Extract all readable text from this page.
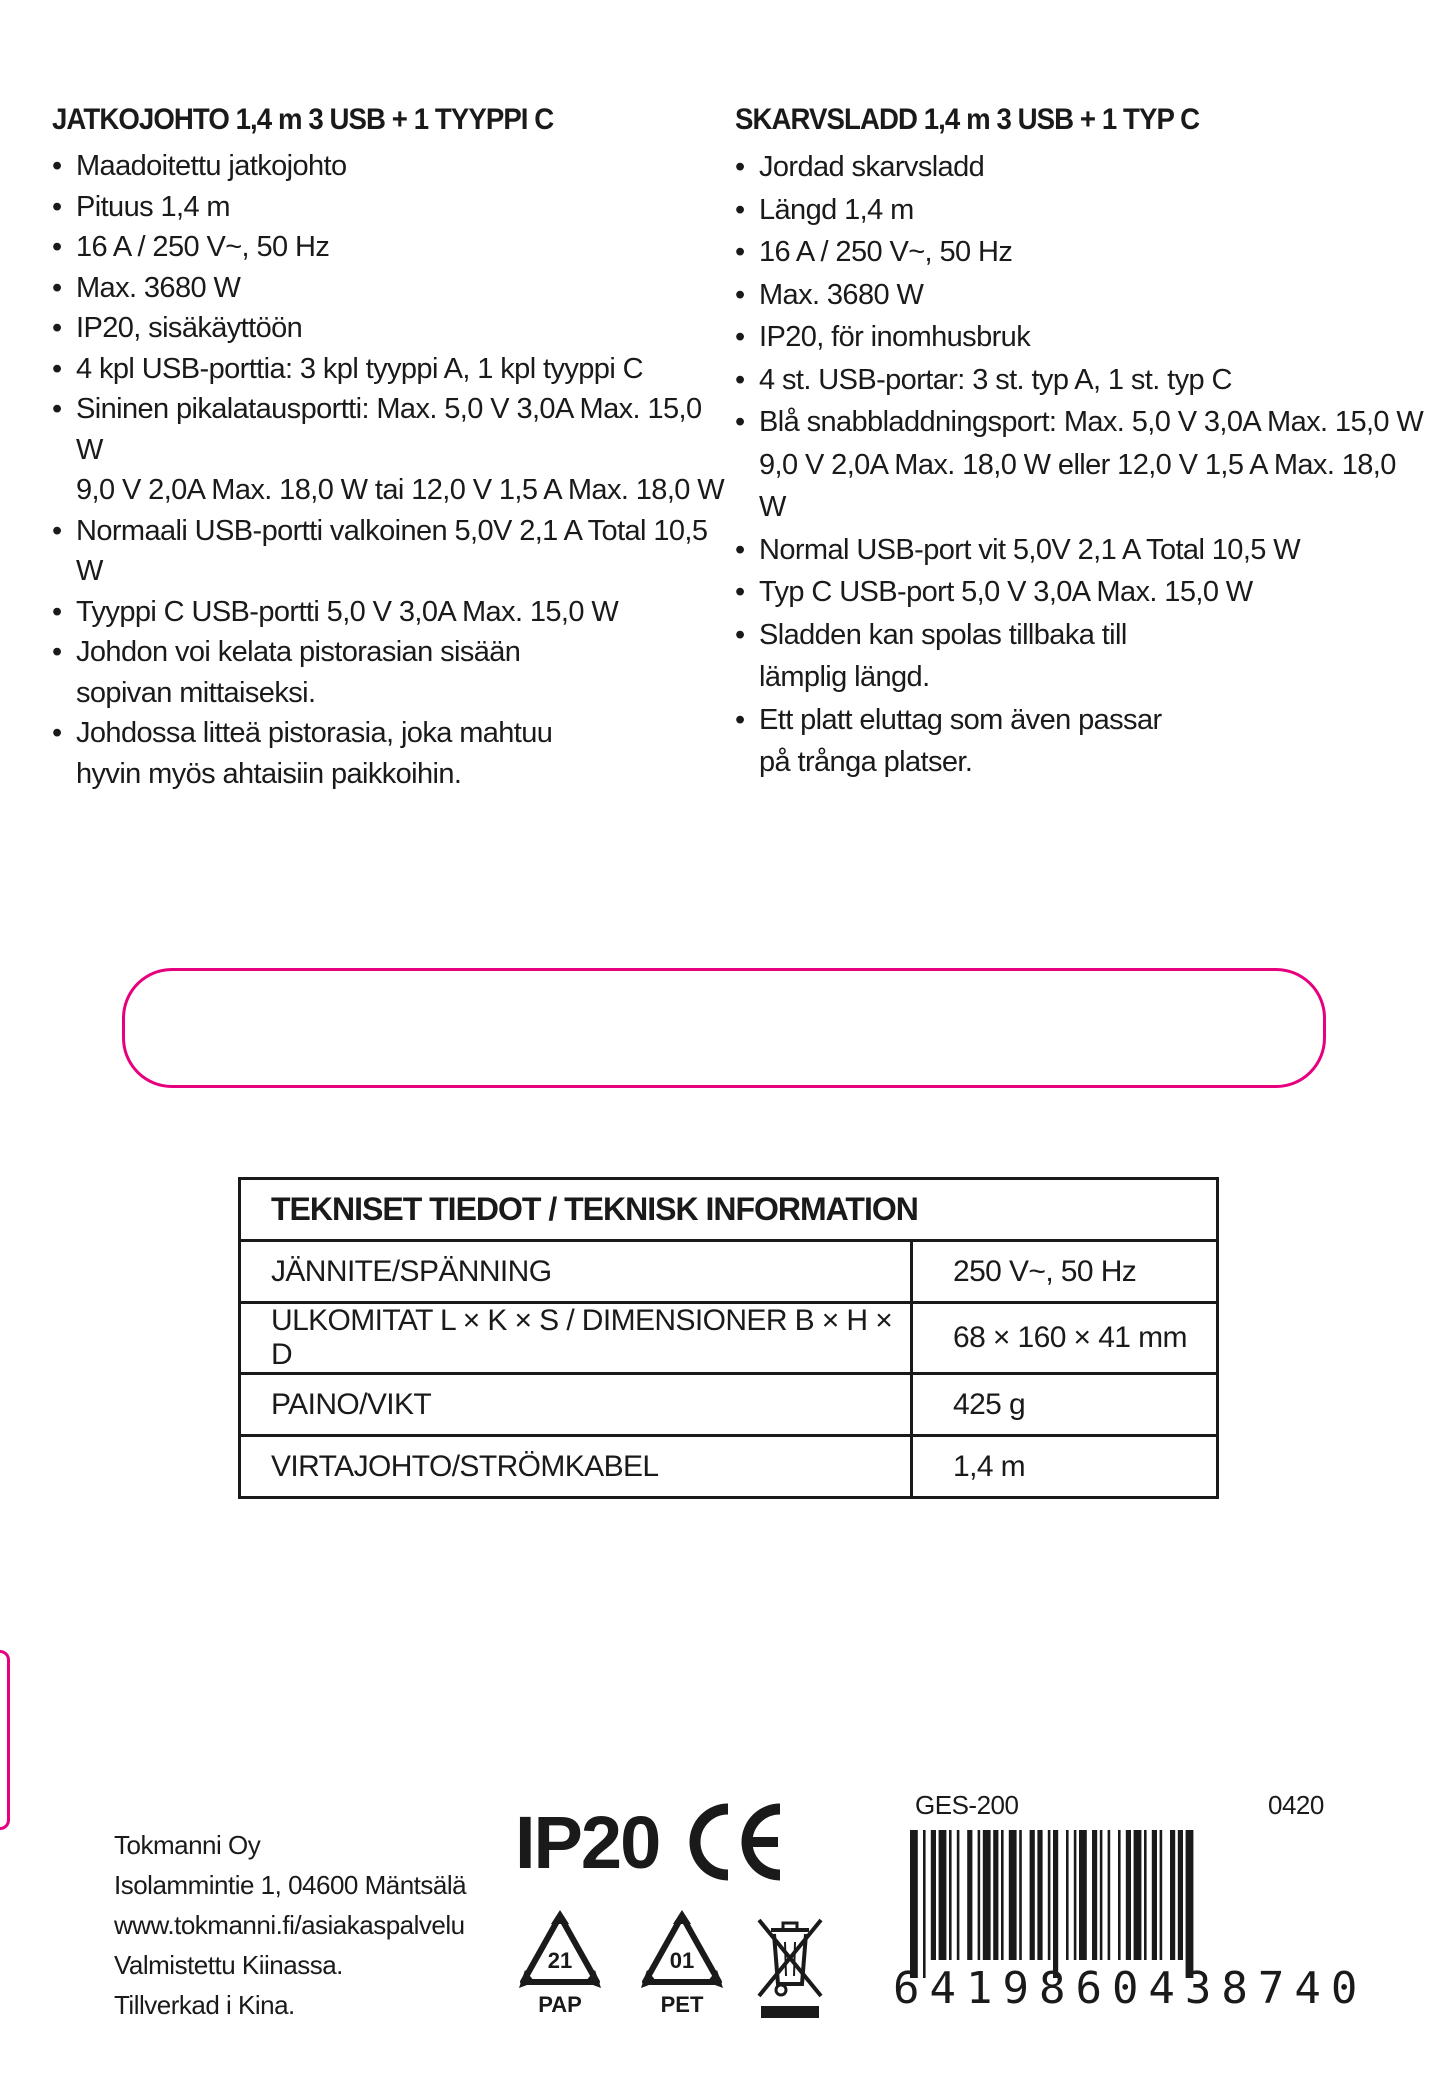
JATKOJOHTO 1,4 m 3 USB + 1 TYYPPI C
• Maadoitettu jatkojohto
• Pituus 1,4 m
• 16 A / 250 V~, 50 Hz
• Max. 3680 W
• IP20, sisäkäyttöön
• 4 kpl USB-porttia: 3 kpl tyyppi A, 1 kpl tyyppi C
• Sininen pikalatausportti: Max. 5,0 V 3,0A Max. 15,0 W
9,0 V 2,0A Max. 18,0 W tai 12,0 V 1,5 A Max. 18,0 W
• Normaali USB-portti valkoinen 5,0V 2,1 A Total 10,5 W
• Tyyppi C USB-portti 5,0 V 3,0A Max. 15,0 W
• Johdon voi kelata pistorasian sisään
sopivan mittaiseksi.
• Johdossa litteä pistorasia, joka mahtuu
hyvin myös ahtaisiin paikkoihin.
SKARVSLADD 1,4 m 3 USB + 1 TYP C
• Jordad skarvsladd
• Längd 1,4 m
• 16 A / 250 V~, 50 Hz
• Max. 3680 W
• IP20, för inomhusbruk
• 4 st. USB-portar: 3 st. typ A, 1 st. typ C
• Blå snabbladdningsport: Max. 5,0 V 3,0A Max. 15,0 W
9,0 V 2,0A Max. 18,0 W eller 12,0 V 1,5 A Max. 18,0 W
• Normal USB-port vit 5,0V 2,1 A Total 10,5 W
• Typ C USB-port 5,0 V 3,0A Max. 15,0 W
• Sladden kan spolas tillbaka till
lämplig längd.
• Ett platt eluttag som även passar
på trånga platser.
TEKNISET TIEDOT / TEKNISK INFORMATION	
JÄNNITE/SPÄNNING	250 V~, 50 Hz
ULKOMITAT L × K × S / DIMENSIONER B × H × D	68 × 160 × 41 mm
PAINO/VIKT	425 g
VIRTAJOHTO/STRÖMKABEL	1,4 m
Tokmanni Oy
Isolammintie 1, 04600 Mäntsälä
www.tokmanni.fi/asiakaspalvelu
Valmistettu Kiinassa.
Tillverkad i Kina.
IP20
21
PAP
01
PET
GES-200	0420
6419860438740
